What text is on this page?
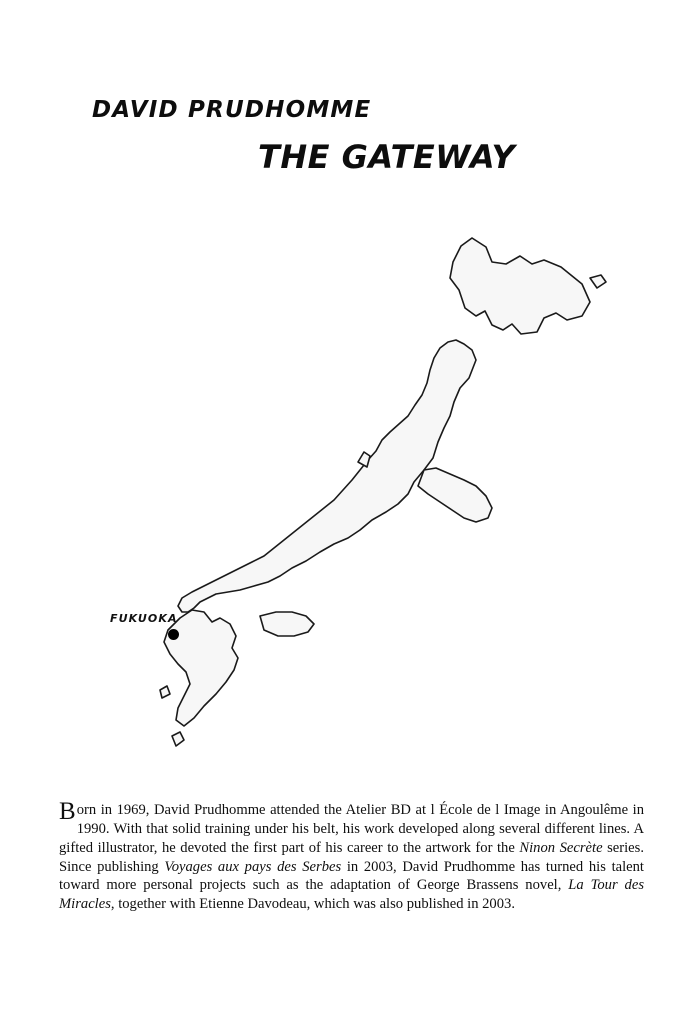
DAVID PRUDHOMME
THE GATEWAY
FUKUOKA

Born in 1969, David Prudhomme attended the Atelier BD at l École de l Image in Angoulême in 1990. With that solid training under his belt, his work developed along several different lines. A gifted illustrator, he devoted the first part of his career to the artwork for the Ninon Secrète series. Since publishing Voyages aux pays des Serbes in 2003, David Prudhomme has turned his talent toward more personal projects such as the adaptation of George Brassens novel, La Tour des Miracles, together with Etienne Davodeau, which was also published in 2003.
